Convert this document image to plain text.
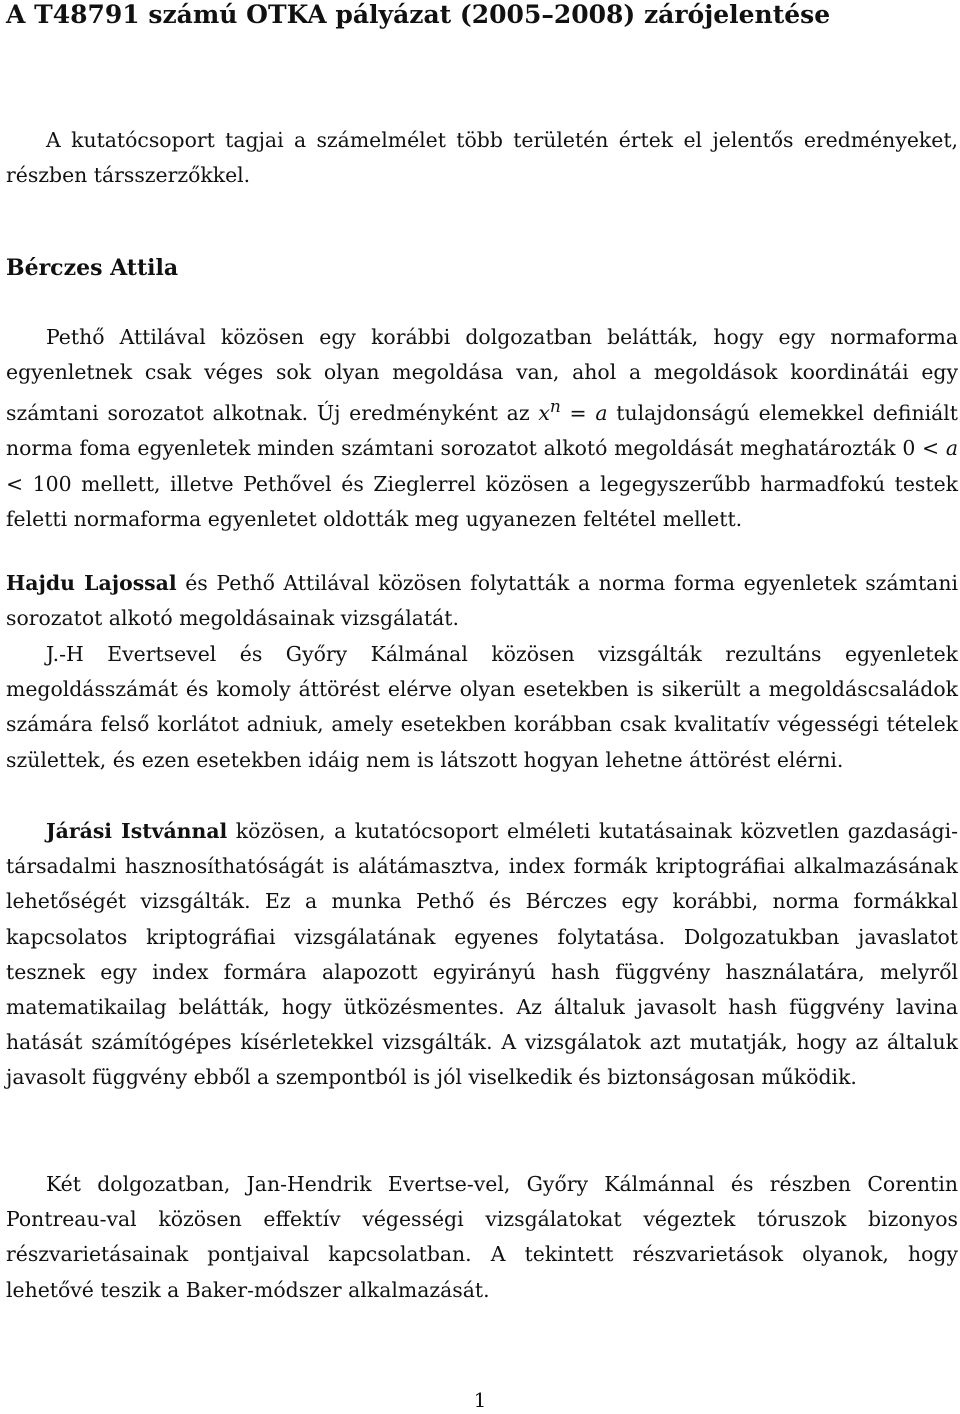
A T48791 számú OTKA pályázat (2005–2008) zárójelentése
A kutatócsoport tagjai a számelmélet több területén értek el jelentős eredményeket, részben társszerzőkkel.
Bérczes Attila
Pethő Attilával közösen egy korábbi dolgozatban belátták, hogy egy normaforma egyenletnek csak véges sok olyan megoldása van, ahol a megoldások koordinátái egy számtani sorozatot alkotnak. Új eredményként az $x^n = a$ tulajdonságú elemekkel definiált norma foma egyenletek minden számtani sorozatot alkotó megoldását meghatározták 0 < a < 100 mellett, illetve Pethővel és Zieglerrel közösen a legegyszerűbb harmadfokú testek feletti normaforma egyenletet oldották meg ugyanezen feltétel mellett.
Hajdu Lajossal és Pethő Attilával közösen folytatták a norma forma egyenletek számtani sorozatot alkotó megoldásainak vizsgálatát.
J.-H Evertsevel és Győry Kálmánal közösen vizsgálták rezultáns egyenletek megoldásszámát és komoly áttörést elérve olyan esetekben is sikerült a megoldáscsaládok számára felső korlátot adniuk, amely esetekben korábban csak kvalitatív végességi tételek születtek, és ezen esetekben idáig nem is látszott hogyan lehetne áttörést elérni.
Járási Istvánnal közösen, a kutatócsoport elméleti kutatásainak közvetlen gazdasági-társadalmi hasznosíthatóságát is alátámasztva, index formák kriptográfiai alkalmazásának lehetőségét vizsgálták. Ez a munka Pethő és Bérczes egy korábbi, norma formákkal kapcsolatos kriptográfiai vizsgálatának egyenes folytatása. Dolgozatukban javaslatot tesznek egy index formára alapozott egyirányú hash függvény használatára, melyről matematikailag belátták, hogy ütközésmentes. Az általuk javasolt hash függvény lavina hatását számítógépes kísérletekkel vizsgálták. A vizsgálatok azt mutatják, hogy az általuk javasolt függvény ebből a szempontból is jól viselkedik és biztonságosan működik.
Két dolgozatban, Jan-Hendrik Evertse-vel, Győry Kálmánnal és részben Corentin Pontreau-val közösen effektív végességi vizsgálatokat végeztek tóruszok bizonyos részvarietásainak pontjaival kapcsolatban. A tekintett részvarietások olyanok, hogy lehetővé teszik a Baker-módszer alkalmazását.
1
